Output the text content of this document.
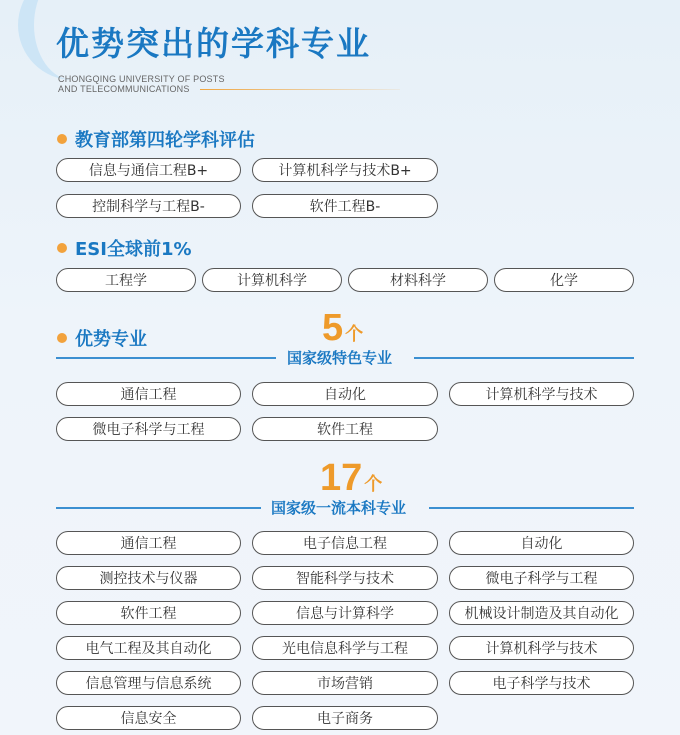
优势突出的学科专业
CHONGQING UNIVERSITY OF POSTS
AND TELECOMMUNICATIONS
教育部第四轮学科评估
信息与通信工程B+	计算机科学与技术B+
控制科学与工程B-	软件工程B-
ESI全球前1%
工程学	计算机科学	材料科学	化学
优势专业	5 个
国家级特色专业
通信工程	自动化	计算机科学与技术
微电子科学与工程	软件工程
17 个
国家级一流本科专业
通信工程	电子信息工程	自动化
测控技术与仪器	智能科学与技术	微电子科学与工程
软件工程	信息与计算科学	机械设计制造及其自动化
电气工程及其自动化	光电信息科学与工程	计算机科学与技术
信息管理与信息系统	市场营销	电子科学与技术
信息安全	电子商务
